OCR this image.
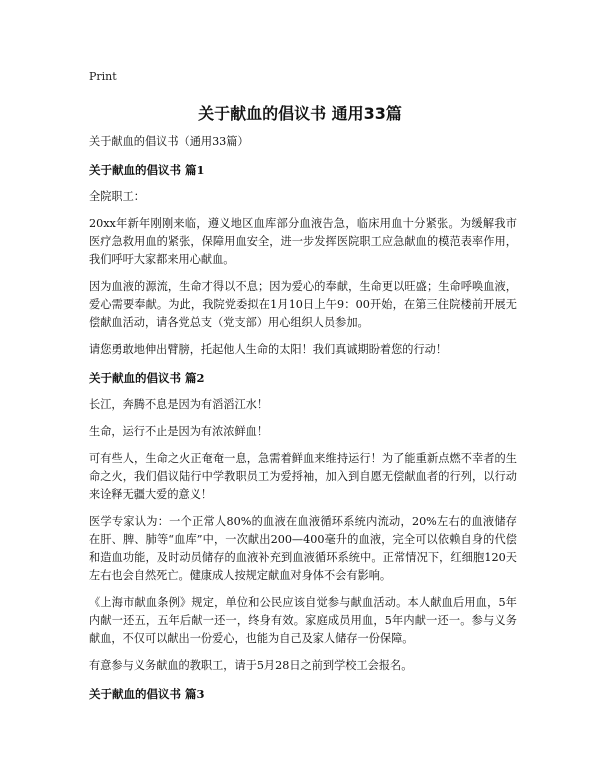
Print
关于献血的倡议书 通用33篇

关于献血的倡议书（通用33篇）

关于献血的倡议书 篇1

全院职工：

20xx年新年刚刚来临，遵义地区血库部分血液告急，临床用血十分紧张。为缓解我市医疗急救用血的紧张，保障用血安全，进一步发挥医院职工应急献血的模范表率作用，我们呼吁大家都来用心献血。

因为血液的源流，生命才得以不息；因为爱心的奉献，生命更以旺盛；生命呼唤血液，爱心需要奉献。为此，我院党委拟在1月10日上午9：00开始，在第三住院楼前开展无偿献血活动，请各党总支（党支部）用心组织人员参加。

请您勇敢地伸出臂膀，托起他人生命的太阳！我们真诚期盼着您的行动！

关于献血的倡议书 篇2

长江，奔腾不息是因为有滔滔江水！

生命，运行不止是因为有浓浓鲜血！

可有些人，生命之火正奄奄一息，急需着鲜血来维持运行！为了能重新点燃不幸者的生命之火，我们倡议陆行中学教职员工为爱捋袖，加入到自愿无偿献血者的行列，以行动来诠释无疆大爱的意义！

医学专家认为：一个正常人80%的血液在血液循环系统内流动，20%左右的血液储存在肝、脾、肺等“血库”中，一次献出200—400毫升的血液，完全可以依赖自身的代偿和造血功能，及时动员储存的血液补充到血液循环系统中。正常情况下，红细胞120天左右也会自然死亡。健康成人按规定献血对身体不会有影响。

《上海市献血条例》规定，单位和公民应该自觉参与献血活动。本人献血后用血，5年内献一还五，五年后献一还一，终身有效。家庭成员用血，5年内献一还一。参与义务献血，不仅可以献出一份爱心，也能为自己及家人储存一份保障。

有意参与义务献血的教职工，请于5月28日之前到学校工会报名。

关于献血的倡议书 篇3
